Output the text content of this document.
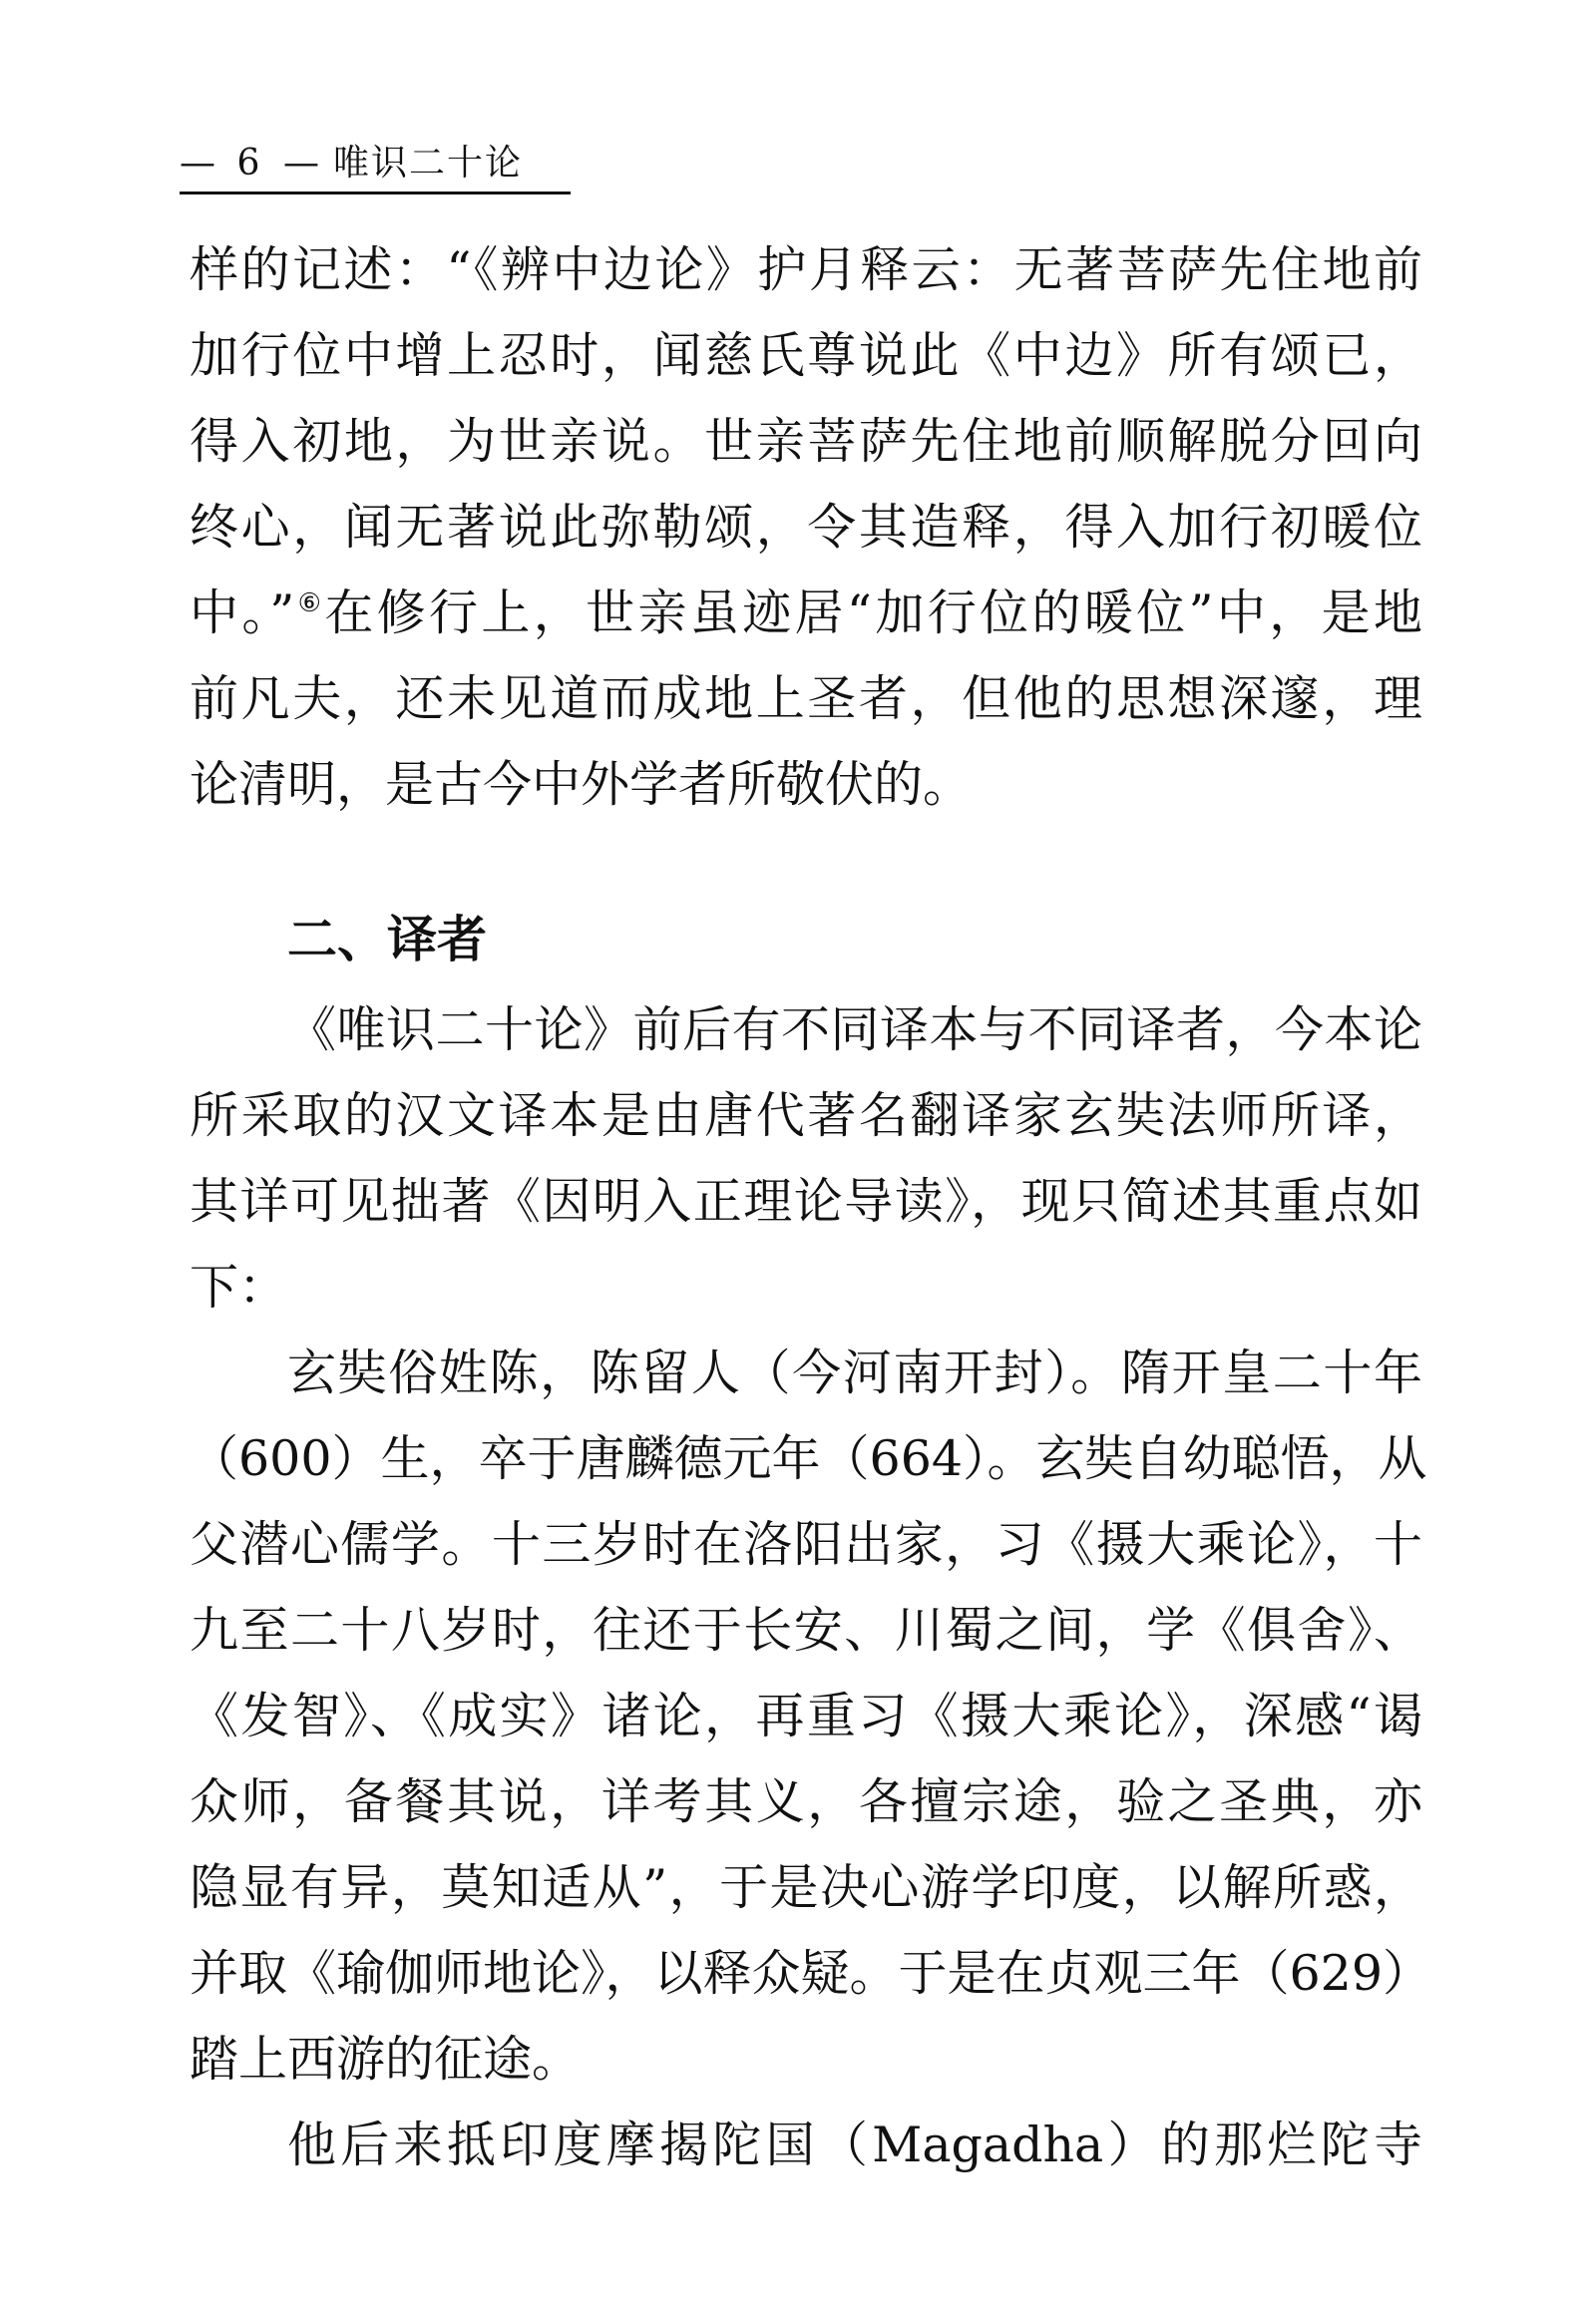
— 6 — 唯识二十论
样的记述：“《辨中边论》护月释云：无著菩萨先住地前
加行位中增上忍时，闻慈氏尊说此《中边》所有颂已，
得入初地，为世亲说。世亲菩萨先住地前顺解脱分回向
终心，闻无著说此弥勒颂，令其造释，得入加行初暖位
中。”⑥在修行上，世亲虽迹居“加行位的暖位”中，是地
前凡夫，还未见道而成地上圣者，但他的思想深邃，理
论清明，是古今中外学者所敬伏的。
二、译者
《唯识二十论》前后有不同译本与不同译者，今本论
所采取的汉文译本是由唐代著名翻译家玄奘法师所译，
其详可见拙著《因明入正理论导读》，现只简述其重点如
下：
玄奘俗姓陈，陈留人（今河南开封）。隋开皇二十年
（600）生，卒于唐麟德元年（664）。玄奘自幼聪悟，从
父潜心儒学。十三岁时在洛阳出家，习《摄大乘论》，十
九至二十八岁时，往还于长安、川蜀之间，学《俱舍》、
《发智》、《成实》诸论，再重习《摄大乘论》，深感“谒
众师，备餐其说，详考其义，各擅宗途，验之圣典，亦
隐显有异，莫知适从”，于是决心游学印度，以解所惑，
并取《瑜伽师地论》，以释众疑。于是在贞观三年（629）
踏上西游的征途。
他后来抵印度摩揭陀国（Magadha）的那烂陀寺
